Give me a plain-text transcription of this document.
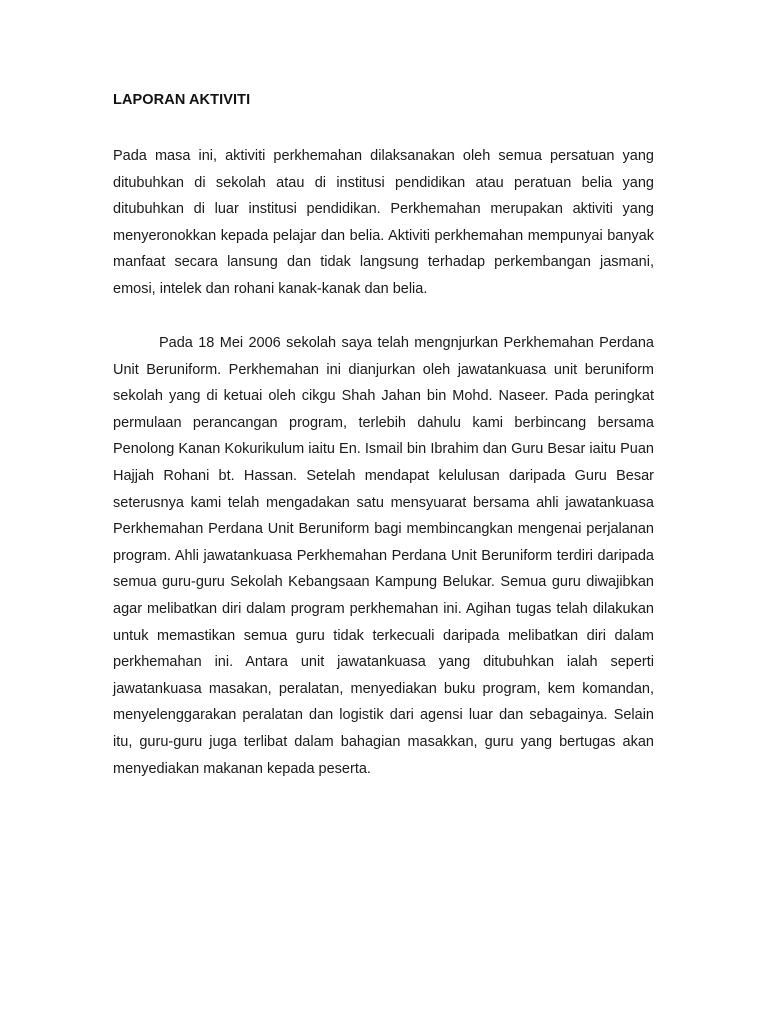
LAPORAN AKTIVITI

Pada masa ini, aktiviti perkhemahan dilaksanakan oleh semua persatuan yang ditubuhkan di sekolah atau di institusi pendidikan atau peratuan belia yang ditubuhkan di luar institusi pendidikan. Perkhemahan merupakan aktiviti yang menyeronokkan kepada pelajar dan belia. Aktiviti perkhemahan mempunyai banyak manfaat secara lansung dan tidak langsung terhadap perkembangan jasmani, emosi, intelek dan rohani kanak-kanak dan belia.

Pada 18 Mei 2006 sekolah saya telah mengnjurkan Perkhemahan Perdana Unit Beruniform. Perkhemahan ini dianjurkan oleh jawatankuasa unit beruniform sekolah yang di ketuai oleh cikgu Shah Jahan bin Mohd. Naseer. Pada peringkat permulaan perancangan program, terlebih dahulu kami berbincang bersama Penolong Kanan Kokurikulum iaitu En. Ismail bin Ibrahim dan Guru Besar iaitu Puan Hajjah Rohani bt. Hassan. Setelah mendapat kelulusan daripada Guru Besar seterusnya kami telah mengadakan satu mensyuarat bersama ahli jawatankuasa Perkhemahan Perdana Unit Beruniform bagi membincangkan mengenai perjalanan program. Ahli jawatankuasa Perkhemahan Perdana Unit Beruniform terdiri daripada semua guru-guru Sekolah Kebangsaan Kampung Belukar. Semua guru diwajibkan agar melibatkan diri dalam program perkhemahan ini. Agihan tugas telah dilakukan untuk memastikan semua guru tidak terkecuali daripada melibatkan diri dalam perkhemahan ini. Antara unit jawatankuasa yang ditubuhkan ialah seperti jawatankuasa masakan, peralatan, menyediakan buku program, kem komandan, menyelenggarakan peralatan dan logistik dari agensi luar dan sebagainya. Selain itu, guru-guru juga terlibat dalam bahagian masakkan, guru yang bertugas akan menyediakan makanan kepada peserta.
